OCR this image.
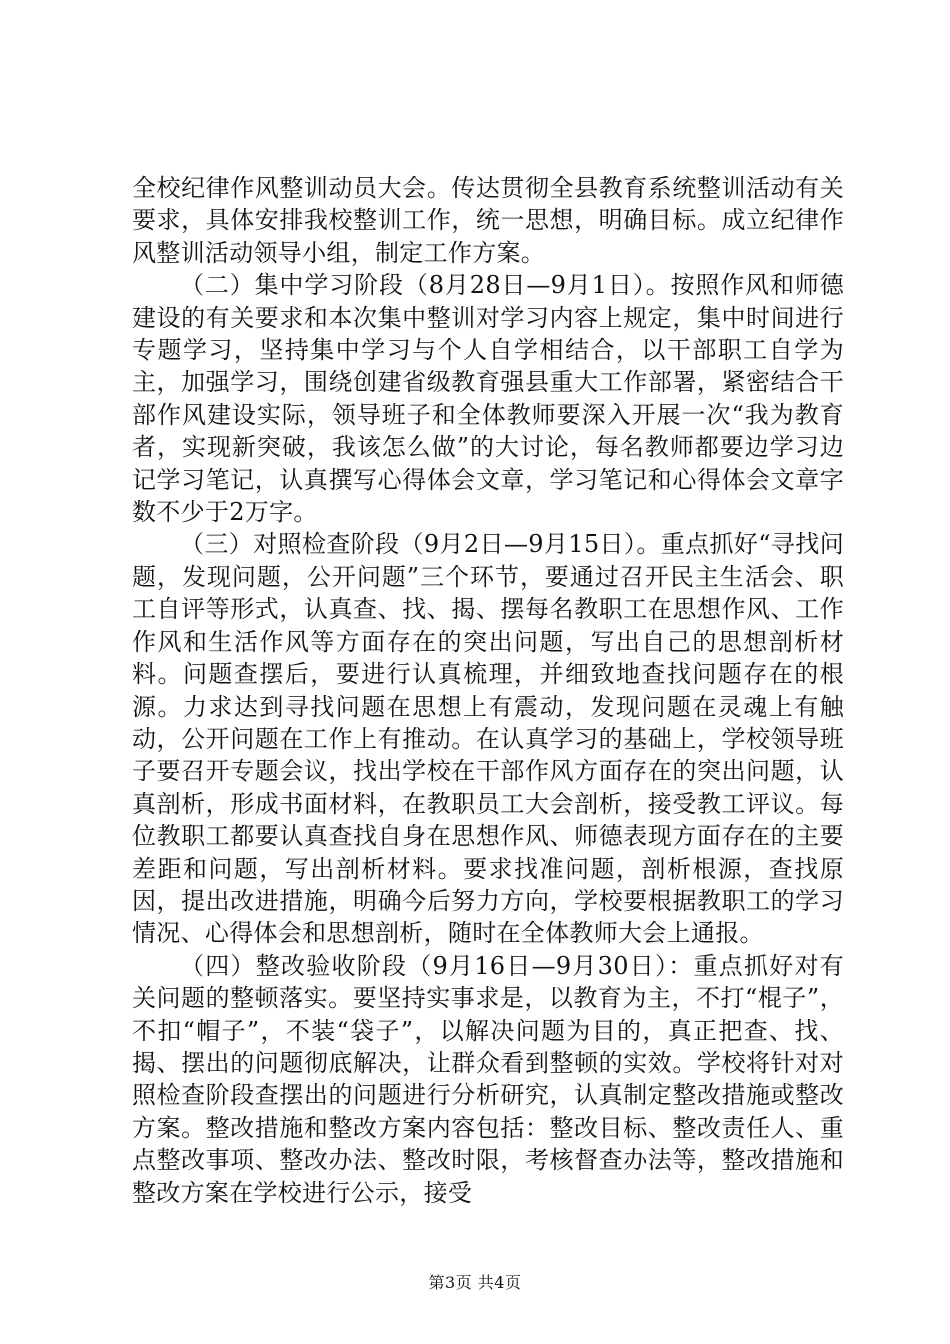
全校纪律作风整训动员大会。传达贯彻全县教育系统整训活动有关要求，具体安排我校整训工作，统一思想，明确目标。成立纪律作风整训活动领导小组，制定工作方案。

（二）集中学习阶段（8月28日—9月1日）。按照作风和师德建设的有关要求和本次集中整训对学习内容上规定，集中时间进行专题学习，坚持集中学习与个人自学相结合，以干部职工自学为主，加强学习，围绕创建省级教育强县重大工作部署，紧密结合干部作风建设实际，领导班子和全体教师要深入开展一次“我为教育者，实现新突破，我该怎么做”的大讨论，每名教师都要边学习边记学习笔记，认真撰写心得体会文章，学习笔记和心得体会文章字数不少于2万字。

（三）对照检查阶段（9月2日—9月15日）。重点抓好“寻找问题，发现问题，公开问题”三个环节，要通过召开民主生活会、职工自评等形式，认真查、找、揭、摆每名教职工在思想作风、工作作风和生活作风等方面存在的突出问题，写出自己的思想剖析材料。问题查摆后，要进行认真梳理，并细致地查找问题存在的根源。力求达到寻找问题在思想上有震动，发现问题在灵魂上有触动，公开问题在工作上有推动。在认真学习的基础上，学校领导班子要召开专题会议，找出学校在干部作风方面存在的突出问题，认真剖析，形成书面材料，在教职员工大会剖析，接受教工评议。每位教职工都要认真查找自身在思想作风、师德表现方面存在的主要差距和问题，写出剖析材料。要求找准问题，剖析根源，查找原因，提出改进措施，明确今后努力方向，学校要根据教职工的学习情况、心得体会和思想剖析，随时在全体教师大会上通报。

（四）整改验收阶段（9月16日—9月30日）：重点抓好对有关问题的整顿落实。要坚持实事求是，以教育为主，不打“棍子”，不扣“帽子”，不装“袋子”，以解决问题为目的，真正把查、找、揭、摆出的问题彻底解决，让群众看到整顿的实效。学校将针对对照检查阶段查摆出的问题进行分析研究，认真制定整改措施或整改方案。整改措施和整改方案内容包括：整改目标、整改责任人、重点整改事项、整改办法、整改时限，考核督查办法等，整改措施和整改方案在学校进行公示，接受

第3页 共4页
